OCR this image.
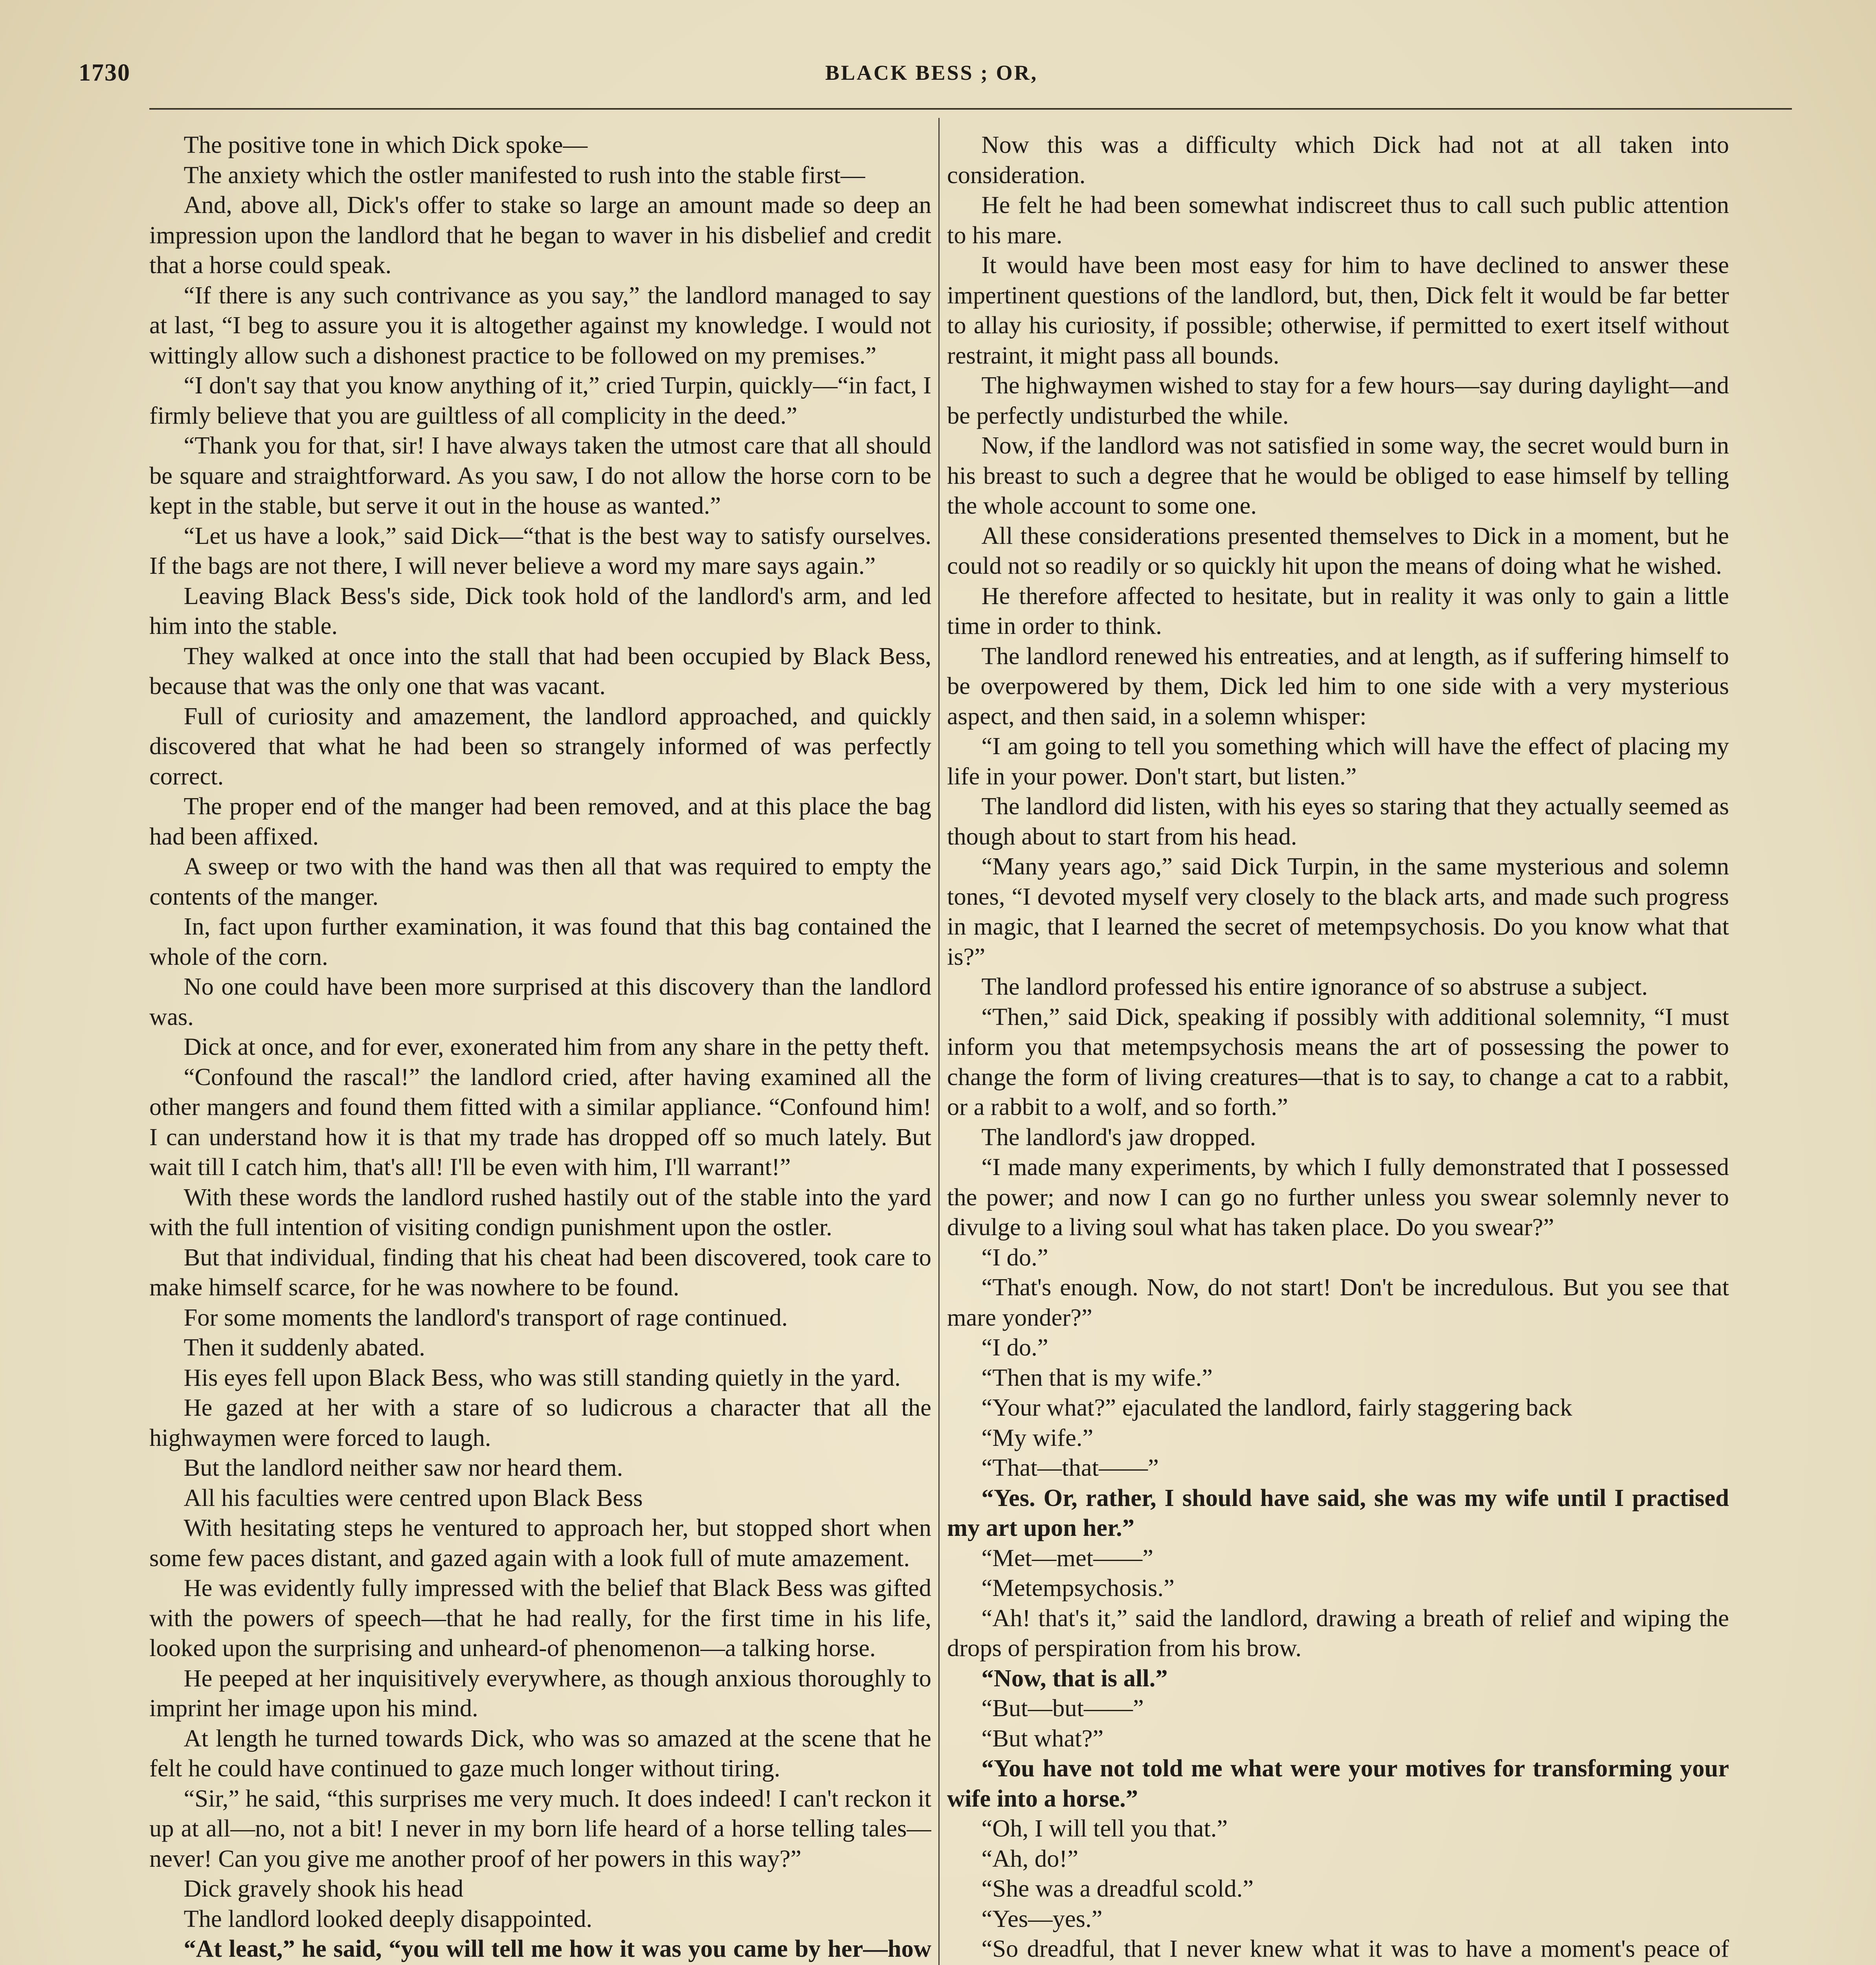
1730	BLACK BESS ; OR,

The positive tone in which Dick spoke—

The anxiety which the ostler manifested to rush into the stable first—

And, above all, Dick's offer to stake so large an amount made so deep an impression upon the landlord that he began to waver in his disbelief and credit that a horse could speak.

“If there is any such contrivance as you say,” the landlord managed to say at last, “I beg to assure you it is altogether against my knowledge. I would not wittingly allow such a dishonest practice to be followed on my premises.”

“I don't say that you know anything of it,” cried Turpin, quickly—“in fact, I firmly believe that you are guiltless of all complicity in the deed.”

“Thank you for that, sir! I have always taken the utmost care that all should be square and straightforward. As you saw, I do not allow the horse corn to be kept in the stable, but serve it out in the house as wanted.”

“Let us have a look,” said Dick—“that is the best way to satisfy ourselves. If the bags are not there, I will never believe a word my mare says again.”

Leaving Black Bess's side, Dick took hold of the landlord's arm, and led him into the stable.

They walked at once into the stall that had been occupied by Black Bess, because that was the only one that was vacant.

Full of curiosity and amazement, the landlord approached, and quickly discovered that what he had been so strangely informed of was perfectly correct.

The proper end of the manger had been removed, and at this place the bag had been affixed.

A sweep or two with the hand was then all that was required to empty the contents of the manger.

In, fact upon further examination, it was found that this bag contained the whole of the corn.

No one could have been more surprised at this discovery than the landlord was.

Dick at once, and for ever, exonerated him from any share in the petty theft.

“Confound the rascal!” the landlord cried, after having examined all the other mangers and found them fitted with a similar appliance. “Confound him! I can understand how it is that my trade has dropped off so much lately. But wait till I catch him, that's all! I'll be even with him, I'll warrant!”

With these words the landlord rushed hastily out of the stable into the yard with the full intention of visiting condign punishment upon the ostler.

But that individual, finding that his cheat had been discovered, took care to make himself scarce, for he was nowhere to be found.

For some moments the landlord's transport of rage continued.

Then it suddenly abated.

His eyes fell upon Black Bess, who was still standing quietly in the yard.

He gazed at her with a stare of so ludicrous a character that all the highwaymen were forced to laugh.

But the landlord neither saw nor heard them.

All his faculties were centred upon Black Bess

With hesitating steps he ventured to approach her, but stopped short when some few paces distant, and gazed again with a look full of mute amazement.

He was evidently fully impressed with the belief that Black Bess was gifted with the powers of speech—that he had really, for the first time in his life, looked upon the surprising and unheard-of phenomenon—a talking horse.

He peeped at her inquisitively everywhere, as though anxious thoroughly to imprint her image upon his mind.

At length he turned towards Dick, who was so amazed at the scene that he felt he could have continued to gaze much longer without tiring.

“Sir,” he said, “this surprises me very much. It does indeed! I can't reckon it up at all—no, not a bit! I never in my born life heard of a horse telling tales—never! Can you give me another proof of her powers in this way?”

Dick gravely shook his head

The landlord looked deeply disappointed.

“At least,” he said, “you will tell me how it was you came by her—how

Now this was a difficulty which Dick had not at all taken into consideration.

He felt he had been somewhat indiscreet thus to call such public attention to his mare.

It would have been most easy for him to have declined to answer these impertinent questions of the landlord, but, then, Dick felt it would be far better to allay his curiosity, if possible; otherwise, if permitted to exert itself without restraint, it might pass all bounds.

The highwaymen wished to stay for a few hours—say during daylight—and be perfectly undisturbed the while.

Now, if the landlord was not satisfied in some way, the secret would burn in his breast to such a degree that he would be obliged to ease himself by telling the whole account to some one.

All these considerations presented themselves to Dick in a moment, but he could not so readily or so quickly hit upon the means of doing what he wished.

He therefore affected to hesitate, but in reality it was only to gain a little time in order to think.

The landlord renewed his entreaties, and at length, as if suffering himself to be overpowered by them, Dick led him to one side with a very mysterious aspect, and then said, in a solemn whisper:

“I am going to tell you something which will have the effect of placing my life in your power. Don't start, but listen.”

The landlord did listen, with his eyes so staring that they actually seemed as though about to start from his head.

“Many years ago,” said Dick Turpin, in the same mysterious and solemn tones, “I devoted myself very closely to the black arts, and made such progress in magic, that I learned the secret of metempsychosis. Do you know what that is?”

The landlord professed his entire ignorance of so abstruse a subject.

“Then,” said Dick, speaking if possibly with additional solemnity, “I must inform you that metempsychosis means the art of possessing the power to change the form of living creatures—that is to say, to change a cat to a rabbit, or a rabbit to a wolf, and so forth.”

The landlord's jaw dropped.

“I made many experiments, by which I fully demonstrated that I possessed the power; and now I can go no further unless you swear solemnly never to divulge to a living soul what has taken place. Do you swear?”

“I do.”

“That's enough. Now, do not start! Don't be incredulous. But you see that mare yonder?”

“I do.”

“Then that is my wife.”

“Your what?” ejaculated the landlord, fairly staggering back

“My wife.”

“That—that——”

“Yes. Or, rather, I should have said, she was my wife until I practised my art upon her.”

“Met—met——”

“Metempsychosis.”

“Ah! that's it,” said the landlord, drawing a breath of relief and wiping the drops of perspiration from his brow.

“Now, that is all.”

“But—but——”

“But what?”

“You have not told me what were your motives for transforming your wife into a horse.”

“Oh, I will tell you that.”

“Ah, do!”

“She was a dreadful scold.”

“Yes—yes.”

“So dreadful, that I never knew what it was to have a moment's peace of
